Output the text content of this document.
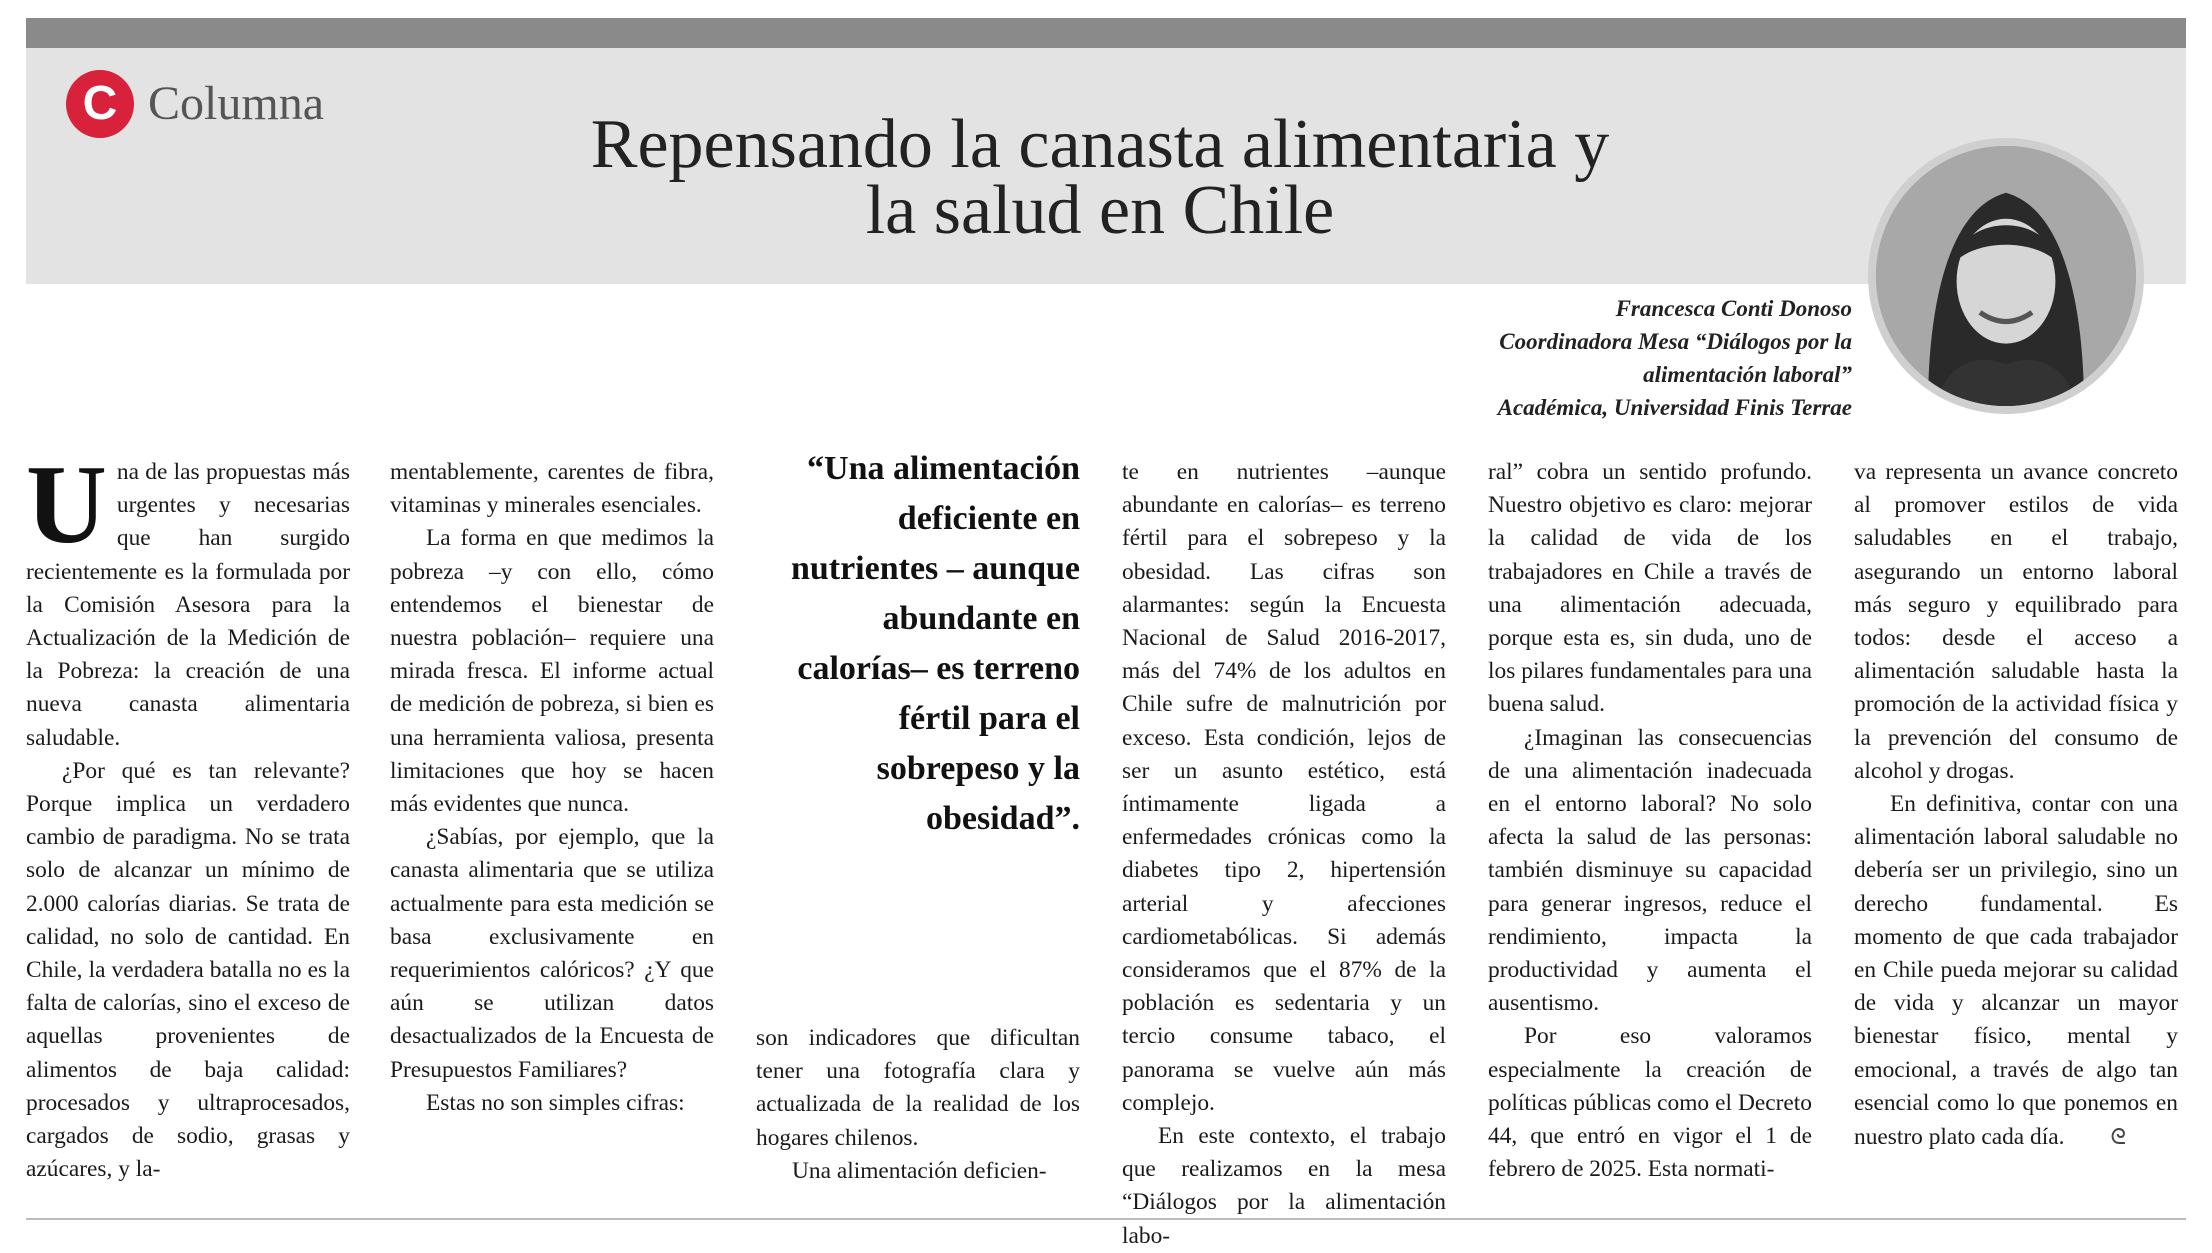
C Columna
Repensando la canasta alimentaria y
la salud en Chile
Francesca Conti Donoso
Coordinadora Mesa “Diálogos por la
alimentación laboral”
Académica, Universidad Finis Terrae

Una de las propuestas más urgentes y necesarias que han surgido recientemente es la formulada por la Comisión Asesora para la Actualización de la Medición de la Pobreza: la creación de una nueva canasta alimentaria saludable.

¿Por qué es tan relevante? Porque implica un verdadero cambio de paradigma. No se trata solo de alcanzar un mínimo de 2.000 calorías diarias. Se trata de calidad, no solo de cantidad. En Chile, la verdadera batalla no es la falta de calorías, sino el exceso de aquellas provenientes de alimentos de baja calidad: procesados y ultraprocesados, cargados de sodio, grasas y azúcares, y la-

mentablemente, carentes de fibra, vitaminas y minerales esenciales.

La forma en que medimos la pobreza –y con ello, cómo entendemos el bienestar de nuestra población– requiere una mirada fresca. El informe actual de medición de pobreza, si bien es una herramienta valiosa, presenta limitaciones que hoy se hacen más evidentes que nunca.

¿Sabías, por ejemplo, que la canasta alimentaria que se utiliza actualmente para esta medición se basa exclusivamente en requerimientos calóricos? ¿Y que aún se utilizan datos desactualizados de la Encuesta de Presupuestos Familiares?

Estas no son simples cifras:

“Una alimentación deficiente en nutrientes – aunque abundante en calorías– es terreno fértil para el sobrepeso y la obesidad”.

son indicadores que dificultan tener una fotografía clara y actualizada de la realidad de los hogares chilenos.

Una alimentación deficien-

te en nutrientes –aunque abundante en calorías– es terreno fértil para el sobrepeso y la obesidad. Las cifras son alarmantes: según la Encuesta Nacional de Salud 2016-2017, más del 74% de los adultos en Chile sufre de malnutrición por exceso. Esta condición, lejos de ser un asunto estético, está íntimamente ligada a enfermedades crónicas como la diabetes tipo 2, hipertensión arterial y afecciones cardiometabólicas. Si además consideramos que el 87% de la población es sedentaria y un tercio consume tabaco, el panorama se vuelve aún más complejo.

En este contexto, el trabajo que realizamos en la mesa “Diálogos por la alimentación labo-

ral” cobra un sentido profundo. Nuestro objetivo es claro: mejorar la calidad de vida de los trabajadores en Chile a través de una alimentación adecuada, porque esta es, sin duda, uno de los pilares fundamentales para una buena salud.

¿Imaginan las consecuencias de una alimentación inadecuada en el entorno laboral? No solo afecta la salud de las personas: también disminuye su capacidad para generar ingresos, reduce el rendimiento, impacta la productividad y aumenta el ausentismo.

Por eso valoramos especialmente la creación de políticas públicas como el Decreto 44, que entró en vigor el 1 de febrero de 2025. Esta normati-

va representa un avance concreto al promover estilos de vida saludables en el trabajo, asegurando un entorno laboral más seguro y equilibrado para todos: desde el acceso a alimentación saludable hasta la promoción de la actividad física y la prevención del consumo de alcohol y drogas.

En definitiva, contar con una alimentación laboral saludable no debería ser un privilegio, sino un derecho fundamental. Es momento de que cada trabajador en Chile pueda mejorar su calidad de vida y alcanzar un mayor bienestar físico, mental y emocional, a través de algo tan esencial como lo que ponemos en nuestro plato cada día. ᘓ
